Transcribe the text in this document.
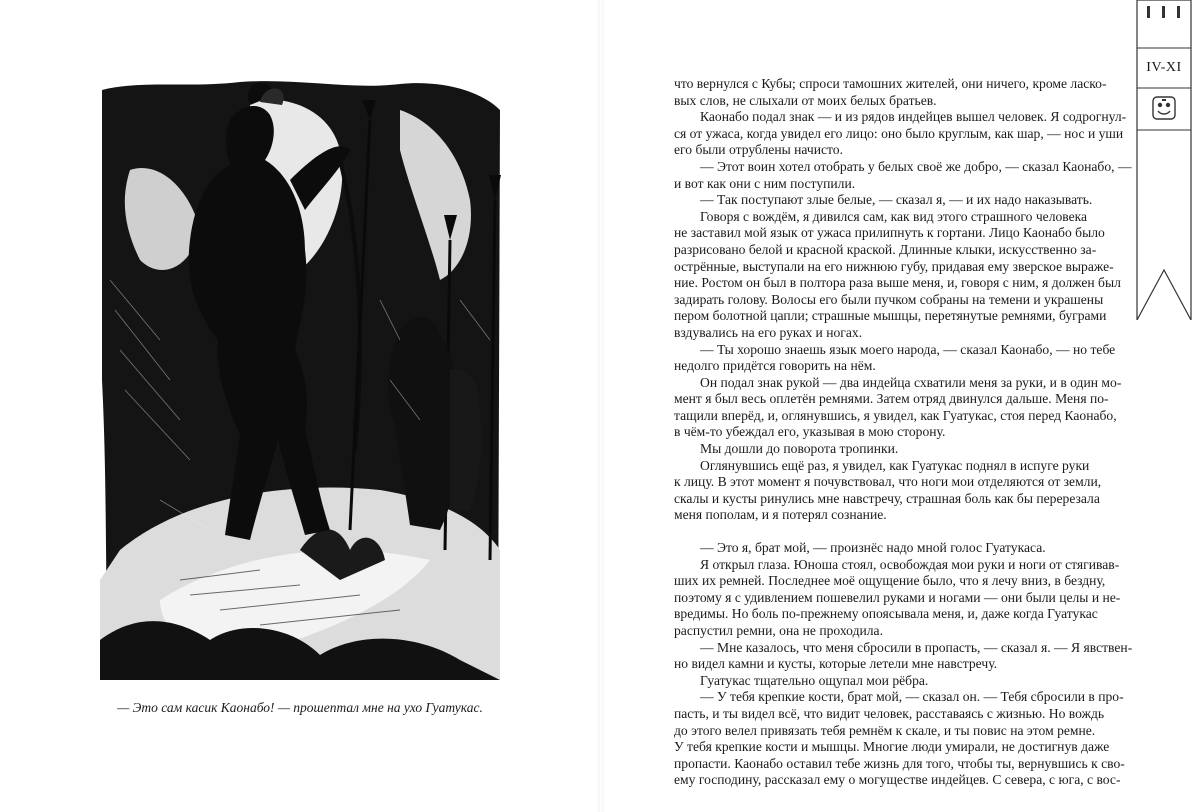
— Это сам касик Каонабо! — прошептал мне на ухо Гуатукас.
что вернулся с Кубы; спроси тамошних жителей, они ничего, кроме ласко-
вых слов, не слыхали от моих белых братьев.
Каонабо подал знак — и из рядов индейцев вышел человек. Я содрогнул-
ся от ужаса, когда увидел его лицо: оно было круглым, как шар, — нос и уши
его были отрублены начисто.
— Этот воин хотел отобрать у белых своё же добро, — сказал Каонабо, —
и вот как они с ним поступили.
— Так поступают злые белые, — сказал я, — и их надо наказывать.
Говоря с вождём, я дивился сам, как вид этого страшного человека
не заставил мой язык от ужаса прилипнуть к гортани. Лицо Каонабо было
разрисовано белой и красной краской. Длинные клыки, искусственно за-
острённые, выступали на его нижнюю губу, придавая ему зверское выраже-
ние. Ростом он был в полтора раза выше меня, и, говоря с ним, я должен был
задирать голову. Волосы его были пучком собраны на темени и украшены
пером болотной цапли; страшные мышцы, перетянутые ремнями, буграми
вздувались на его руках и ногах.
— Ты хорошо знаешь язык моего народа, — сказал Каонабо, — но тебе
недолго придётся говорить на нём.
Он подал знак рукой — два индейца схватили меня за руки, и в один мо-
мент я был весь оплетён ремнями. Затем отряд двинулся дальше. Меня по-
тащили вперёд, и, оглянувшись, я увидел, как Гуатукас, стоя перед Каонабо,
в чём-то убеждал его, указывая в мою сторону.
Мы дошли до поворота тропинки.
Оглянувшись ещё раз, я увидел, как Гуатукас поднял в испуге руки
к лицу. В этот момент я почувствовал, что ноги мои отделяются от земли,
скалы и кусты ринулись мне навстречу, страшная боль как бы перерезала
меня пополам, и я потерял сознание.
— Это я, брат мой, — произнёс надо мной голос Гуатукаса.
Я открыл глаза. Юноша стоял, освобождая мои руки и ноги от стягивав-
ших их ремней. Последнее моё ощущение было, что я лечу вниз, в бездну,
поэтому я с удивлением пошевелил руками и ногами — они были целы и не-
вредимы. Но боль по-прежнему опоясывала меня, и, даже когда Гуатукас
распустил ремни, она не проходила.
— Мне казалось, что меня сбросили в пропасть, — сказал я. — Я явствен-
но видел камни и кусты, которые летели мне навстречу.
Гуатукас тщательно ощупал мои рёбра.
— У тебя крепкие кости, брат мой, — сказал он. — Тебя сбросили в про-
пасть, и ты видел всё, что видит человек, расставаясь с жизнью. Но вождь
до этого велел привязать тебя ремнём к скале, и ты повис на этом ремне.
У тебя крепкие кости и мышцы. Многие люди умирали, не достигнув даже
пропасти. Каонабо оставил тебе жизнь для того, чтобы ты, вернувшись к сво-
ему господину, рассказал ему о могуществе индейцев. С севера, с юга, с вос-
IV-XI
